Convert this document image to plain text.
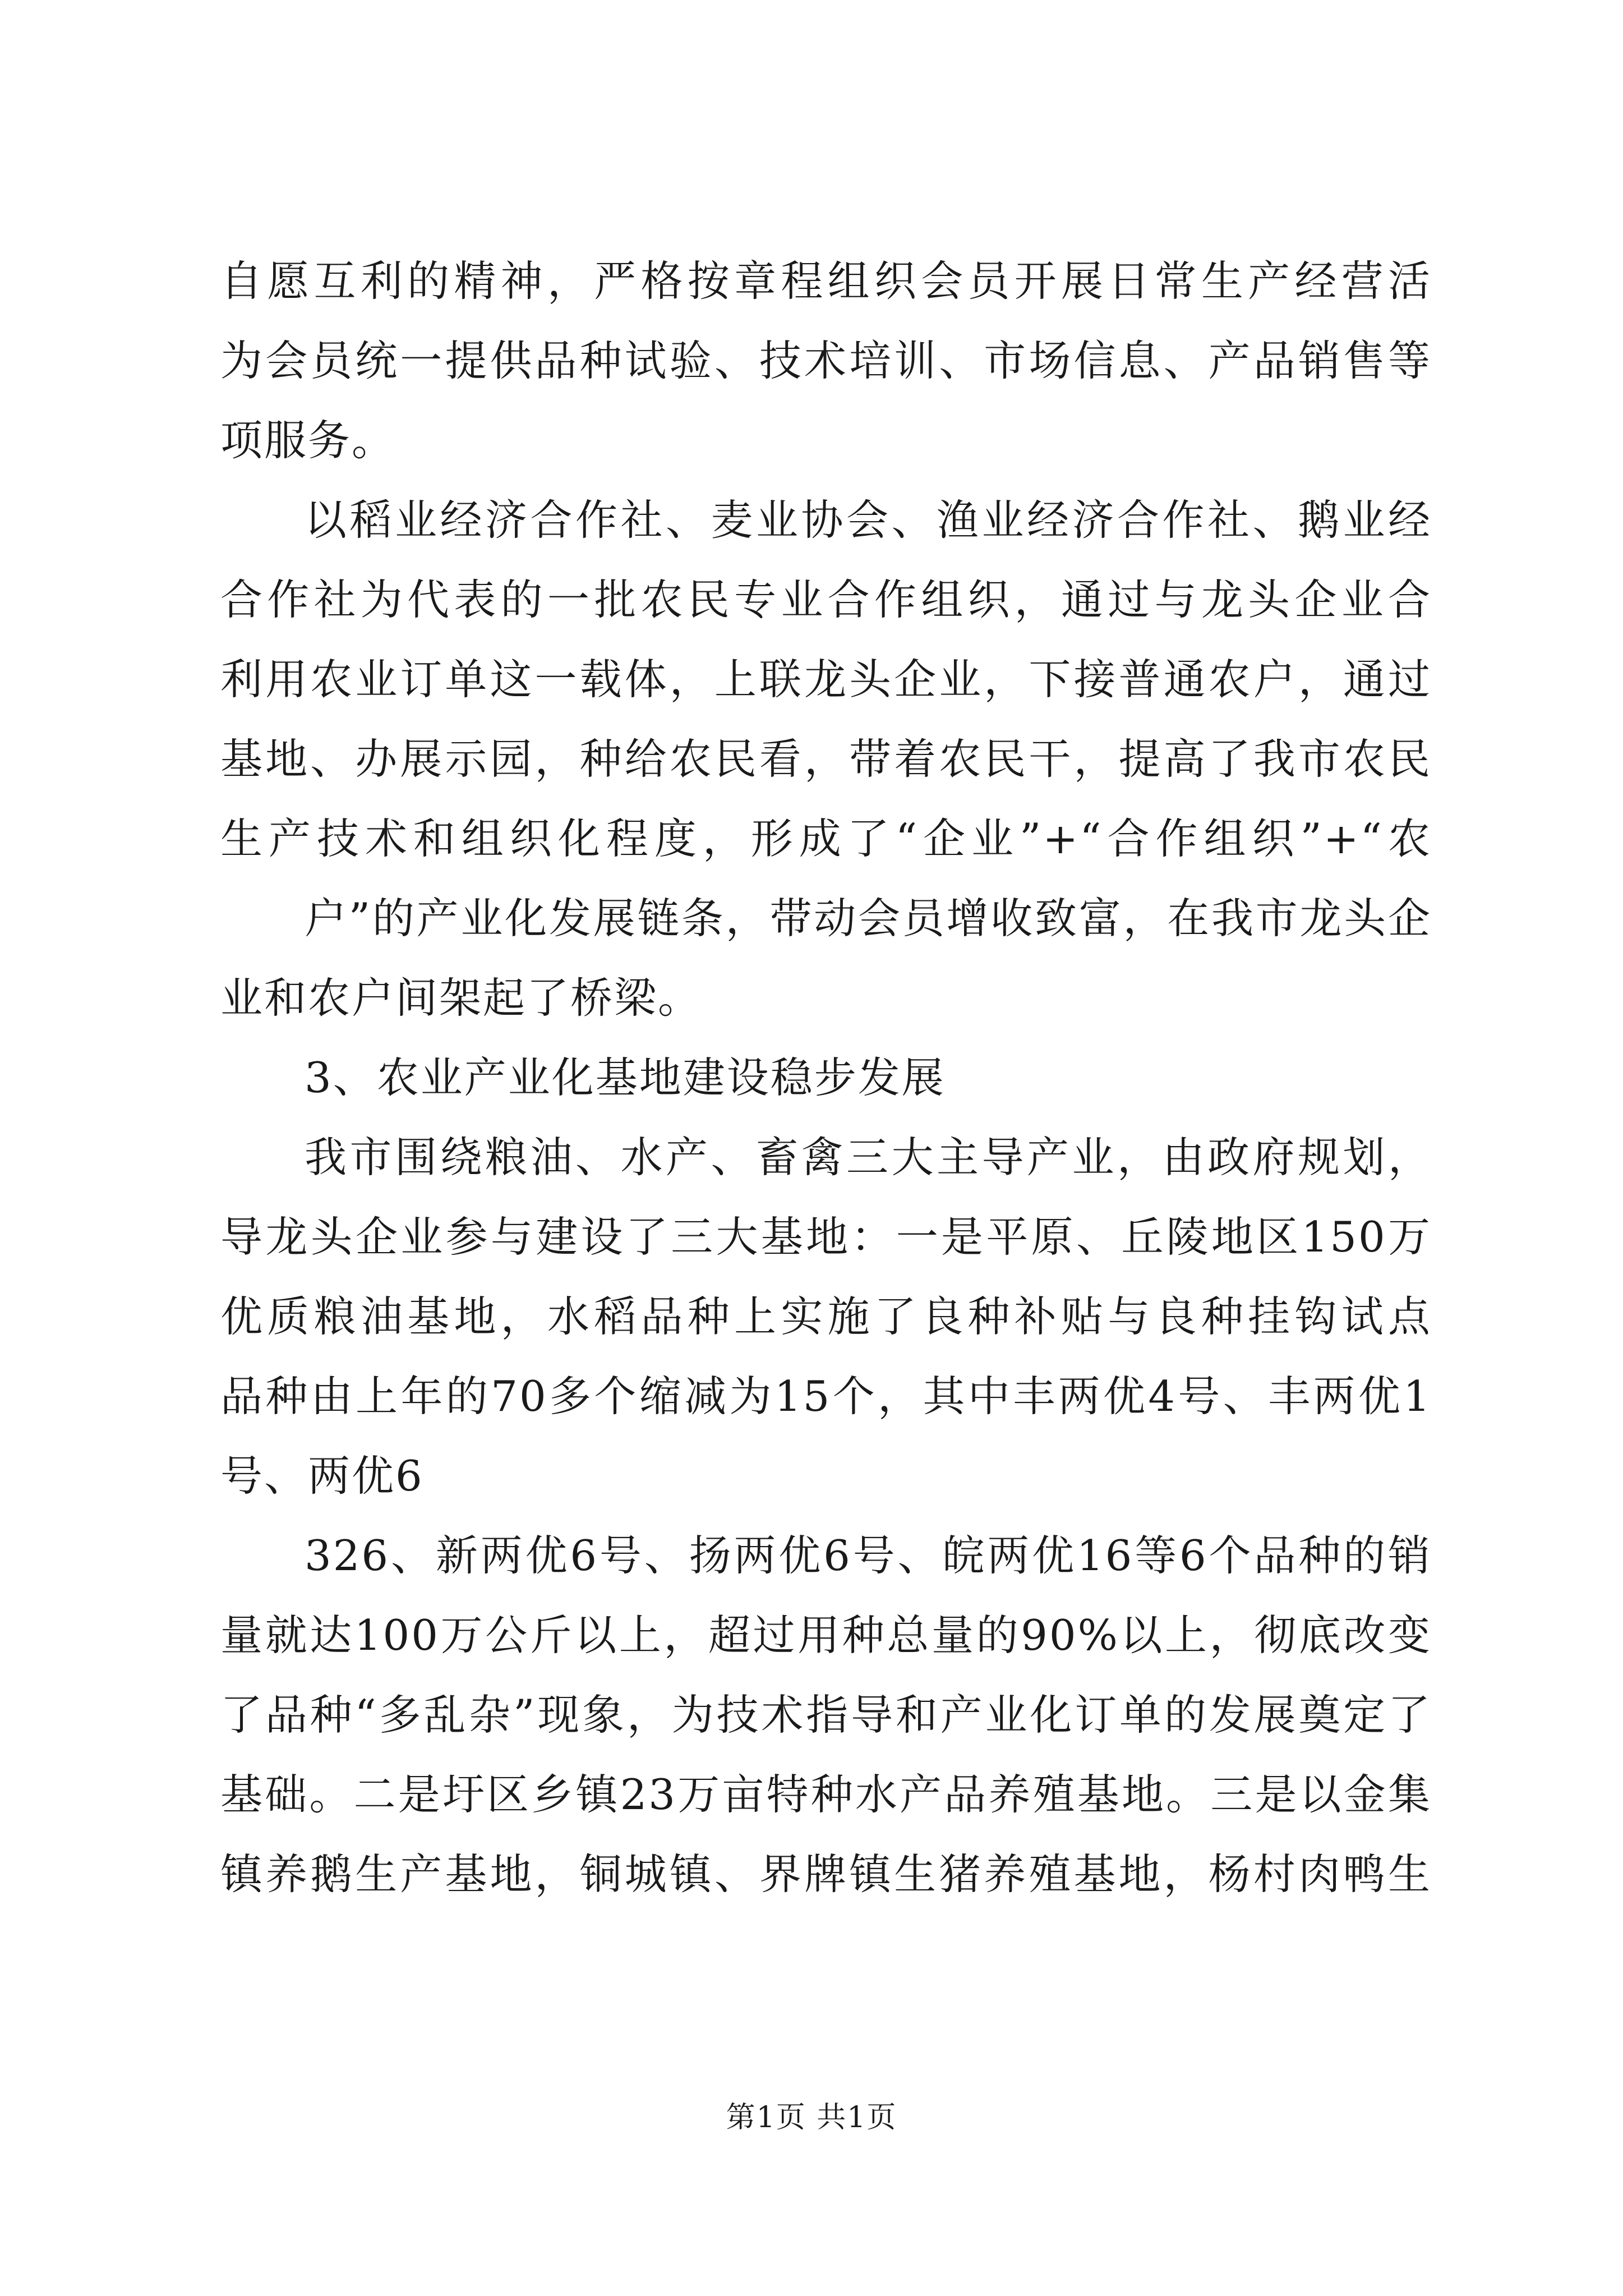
自愿互利的精神，严格按章程组织会员开展日常生产经营活
为会员统一提供品种试验、技术培训、市场信息、产品销售等
项服务。
以稻业经济合作社、麦业协会、渔业经济合作社、鹅业经
合作社为代表的一批农民专业合作组织，通过与龙头企业合
利用农业订单这一载体，上联龙头企业，下接普通农户，通过
基地、办展示园，种给农民看，带着农民干，提高了我市农民
生产技术和组织化程度，形成了“企业”+“合作组织”+“农
户”的产业化发展链条，带动会员增收致富，在我市龙头企
业和农户间架起了桥梁。
3、农业产业化基地建设稳步发展
我市围绕粮油、水产、畜禽三大主导产业，由政府规划，
导龙头企业参与建设了三大基地：一是平原、丘陵地区150万
优质粮油基地，水稻品种上实施了良种补贴与良种挂钩试点
品种由上年的70多个缩减为15个，其中丰两优4号、丰两优1
号、两优6
326、新两优6号、扬两优6号、皖两优16等6个品种的销
量就达100万公斤以上，超过用种总量的90%以上，彻底改变
了品种“多乱杂”现象，为技术指导和产业化订单的发展奠定了
基础。二是圩区乡镇23万亩特种水产品养殖基地。三是以金集
镇养鹅生产基地，铜城镇、界牌镇生猪养殖基地，杨村肉鸭生
第1页 共1页
